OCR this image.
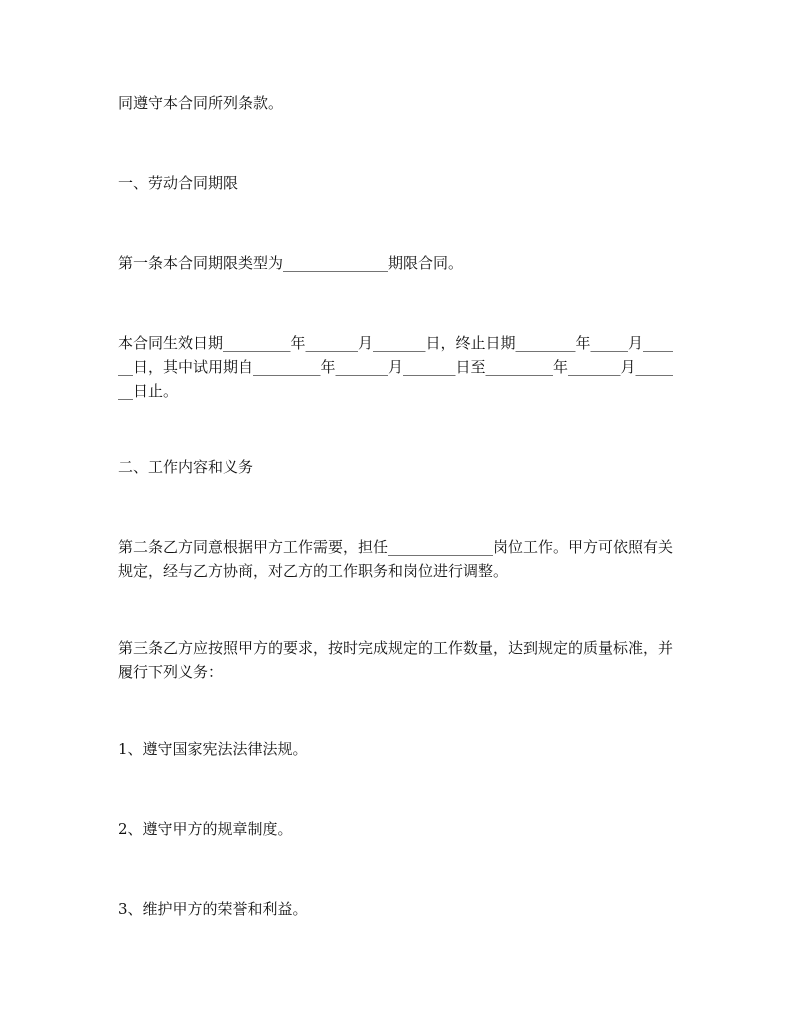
同遵守本合同所列条款。

一、劳动合同期限

第一条本合同期限类型为______________期限合同。

本合同生效日期_________年_______月_______日，终止日期________年_____月______日，其中试用期自_________年_______月_______日至_________年_______月_______日止。

二、工作内容和义务

第二条乙方同意根据甲方工作需要，担任______________岗位工作。甲方可依照有关规定，经与乙方协商，对乙方的工作职务和岗位进行调整。

第三条乙方应按照甲方的要求，按时完成规定的工作数量，达到规定的质量标准，并履行下列义务：

1、遵守国家宪法法律法规。

2、遵守甲方的规章制度。

3、维护甲方的荣誉和利益。
